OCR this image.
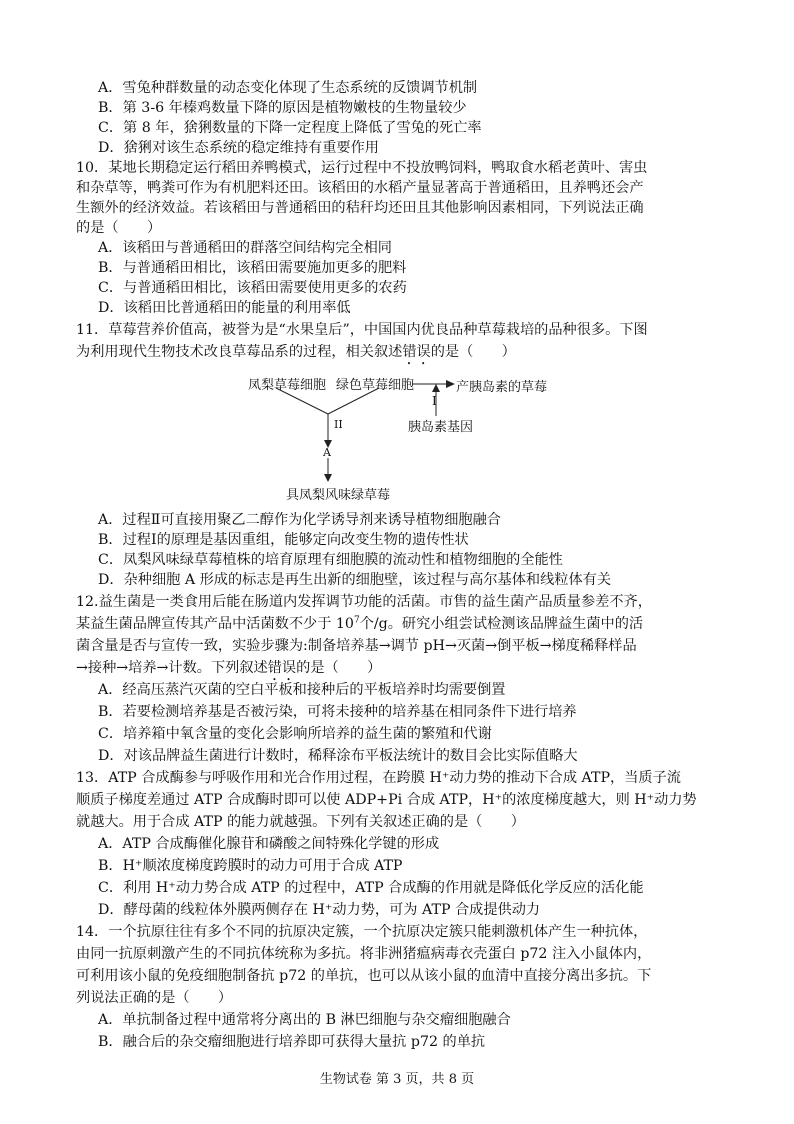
A．雪兔种群数量的动态变化体现了生态系统的反馈调节机制
B．第 3-6 年榛鸡数量下降的原因是植物嫩枝的生物量较少
C．第 8 年，猞猁数量的下降一定程度上降低了雪兔的死亡率
D．猞猁对该生态系统的稳定维持有重要作用
10．某地长期稳定运行稻田养鸭模式，运行过程中不投放鸭饲料，鸭取食水稻老黄叶、害虫
和杂草等，鸭粪可作为有机肥料还田。该稻田的水稻产量显著高于普通稻田，且养鸭还会产
生额外的经济效益。若该稻田与普通稻田的秸秆均还田且其他影响因素相同，下列说法正确
的是（　　）
A．该稻田与普通稻田的群落空间结构完全相同
B．与普通稻田相比，该稻田需要施加更多的肥料
C．与普通稻田相比，该稻田需要使用更多的农药
D．该稻田比普通稻田的能量的利用率低
11．草莓营养价值高，被誉为是“水果皇后”，中国国内优良品种草莓栽培的品种很多。下图
为利用现代生物技术改良草莓品系的过程，相关叙述错误的是（　　）
凤梨草莓细胞 绿色草莓细胞	产胰岛素的草莓
I
胰岛素基因
II
A
具凤梨风味绿草莓
A．过程Ⅱ可直接用聚乙二醇作为化学诱导剂来诱导植物细胞融合
B．过程Ⅰ的原理是基因重组，能够定向改变生物的遗传性状
C．凤梨风味绿草莓植株的培育原理有细胞膜的流动性和植物细胞的全能性
D．杂种细胞 A 形成的标志是再生出新的细胞壁，该过程与高尔基体和线粒体有关
12.益生菌是一类食用后能在肠道内发挥调节功能的活菌。市售的益生菌产品质量参差不齐，
某益生菌品牌宣传其产品中活菌数不少于 $10^7$个/g。研究小组尝试检测该品牌益生菌中的活
菌含量是否与宣传一致，实验步骤为:制备培养基→调节 pH→灭菌→倒平板→梯度稀释样品
→接种→培养→计数。下列叙述错误的是（　　）
A．经高压蒸汽灭菌的空白平板和接种后的平板培养时均需要倒置
B．若要检测培养基是否被污染，可将未接种的培养基在相同条件下进行培养
C．培养箱中氧含量的变化会影响所培养的益生菌的繁殖和代谢
D．对该品牌益生菌进行计数时，稀释涂布平板法统计的数目会比实际值略大
13．ATP 合成酶参与呼吸作用和光合作用过程，在跨膜 H⁺动力势的推动下合成 ATP，当质子流
顺质子梯度差通过 ATP 合成酶时即可以使 ADP+Pi 合成 ATP，H⁺的浓度梯度越大，则 H⁺动力势
就越大。用于合成 ATP 的能力就越强。下列有关叙述正确的是（　　）
A．ATP 合成酶催化腺苷和磷酸之间特殊化学键的形成
B．H⁺顺浓度梯度跨膜时的动力可用于合成 ATP
C．利用 H⁺动力势合成 ATP 的过程中，ATP 合成酶的作用就是降低化学反应的活化能
D．酵母菌的线粒体外膜两侧存在 H⁺动力势，可为 ATP 合成提供动力
14．一个抗原往往有多个不同的抗原决定簇，一个抗原决定簇只能刺激机体产生一种抗体，
由同一抗原刺激产生的不同抗体统称为多抗。将非洲猪瘟病毒衣壳蛋白 p72 注入小鼠体内，
可利用该小鼠的免疫细胞制备抗 p72 的单抗，也可以从该小鼠的血清中直接分离出多抗。下
列说法正确的是（　　）
A．单抗制备过程中通常将分离出的 B 淋巴细胞与杂交瘤细胞融合
B．融合后的杂交瘤细胞进行培养即可获得大量抗 p72 的单抗
生物试卷 第 3 页，共 8 页
